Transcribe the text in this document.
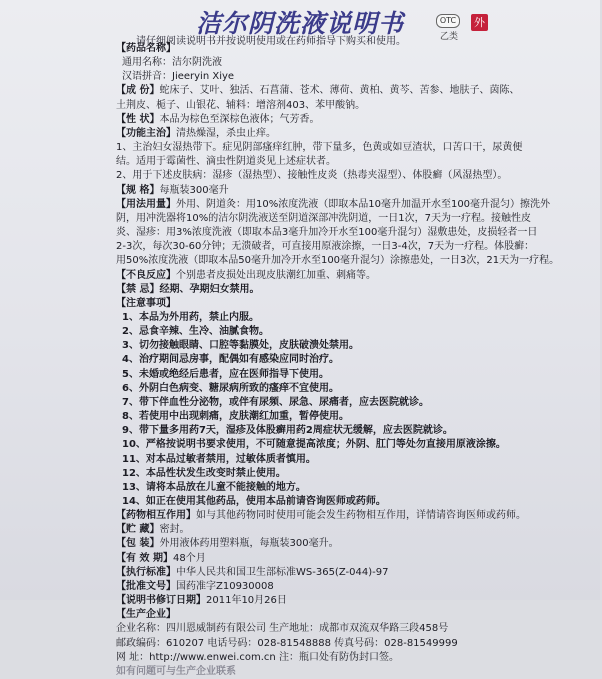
洁尔阴洗液说明书	OTC
乙类
外
请仔细阅读说明书并按说明使用或在药师指导下购买和使用。
【药品名称】
通用名称：洁尔阴洗液
汉语拼音：Jieeryin Xiye
【成 份】蛇床子、艾叶、独活、石菖蒲、苍术、薄荷、黄柏、黄芩、苦参、地肤子、茵陈、
土荆皮、栀子、山银花、辅料：增溶剂403、苯甲酸钠。
【性 状】本品为棕色至深棕色液体；气芳香。
【功能主治】清热燥湿，杀虫止痒。
1、主治妇女湿热带下。症见阴部瘙痒红肿，带下量多，色黄或如豆渣状，口苦口干，尿黄便
结。适用于霉菌性、滴虫性阴道炎见上述症状者。
2、用于下述皮肤病：湿疹（湿热型）、接触性皮炎（热毒夹湿型）、体股癣（风湿热型）。
【规 格】每瓶装300毫升
【用法用量】外用、阴道灸：用10%浓度洗液（即取本品10毫升加温开水至100毫升混匀）擦洗外
阴，用冲洗器将10%的洁尔阴洗液送至阴道深部冲洗阴道，一日1次，7天为一疗程。接触性皮
炎、湿疹：用3%浓度洗液（即取本品3毫升加冷开水至100毫升混匀）湿敷患处，皮损轻者一日
2-3次，每次30-60分钟；无溃破者，可直接用原液涂擦，一日3-4次，7天为一疗程。体股癣：
用50%浓度洗液（即取本品50毫升加冷开水至100毫升混匀）涂擦患处，一日3次，21天为一疗程。
【不良反应】个别患者皮损处出现皮肤潮红加重、刺痛等。
【禁 忌】经期、孕期妇女禁用。
【注意事项】
1、本品为外用药，禁止内服。
2、忌食辛辣、生冷、油腻食物。
3、切勿接触眼睛、口腔等黏膜处，皮肤破溃处禁用。
4、治疗期间忌房事，配偶如有感染应同时治疗。
5、未婚或绝经后患者，应在医师指导下使用。
6、外阴白色病变、糖尿病所致的瘙痒不宜使用。
7、带下伴血性分泌物，或伴有尿频、尿急、尿痛者，应去医院就诊。
8、若使用中出现刺痛，皮肤潮红加重，暂停使用。
9、带下量多用药7天，湿疹及体股癣用药2周症状无缓解，应去医院就诊。
10、严格按说明书要求使用，不可随意提高浓度；外阴、肛门等处勿直接用原液涂擦。
11、对本品过敏者禁用，过敏体质者慎用。
12、本品性状发生改变时禁止使用。
13、请将本品放在儿童不能接触的地方。
14、如正在使用其他药品，使用本品前请咨询医师或药师。
【药物相互作用】如与其他药物同时使用可能会发生药物相互作用，详情请咨询医师或药师。
【贮 藏】密封。
【包 装】外用液体药用塑料瓶，每瓶装300毫升。
【有 效 期】48个月
【执行标准】中华人民共和国卫生部标准WS-365(Z-044)-97
【批准文号】国药准字Z10930008
【说明书修订日期】2011年10月26日
【生产企业】
企业名称：四川恩威制药有限公司 生产地址：成都市双流双华路三段458号
邮政编码：610207 电话号码：028-81548888 传真号码：028-81549999
网 址：http://www.enwei.com.cn 注：瓶口处有防伪封口签。
如有问题可与生产企业联系
